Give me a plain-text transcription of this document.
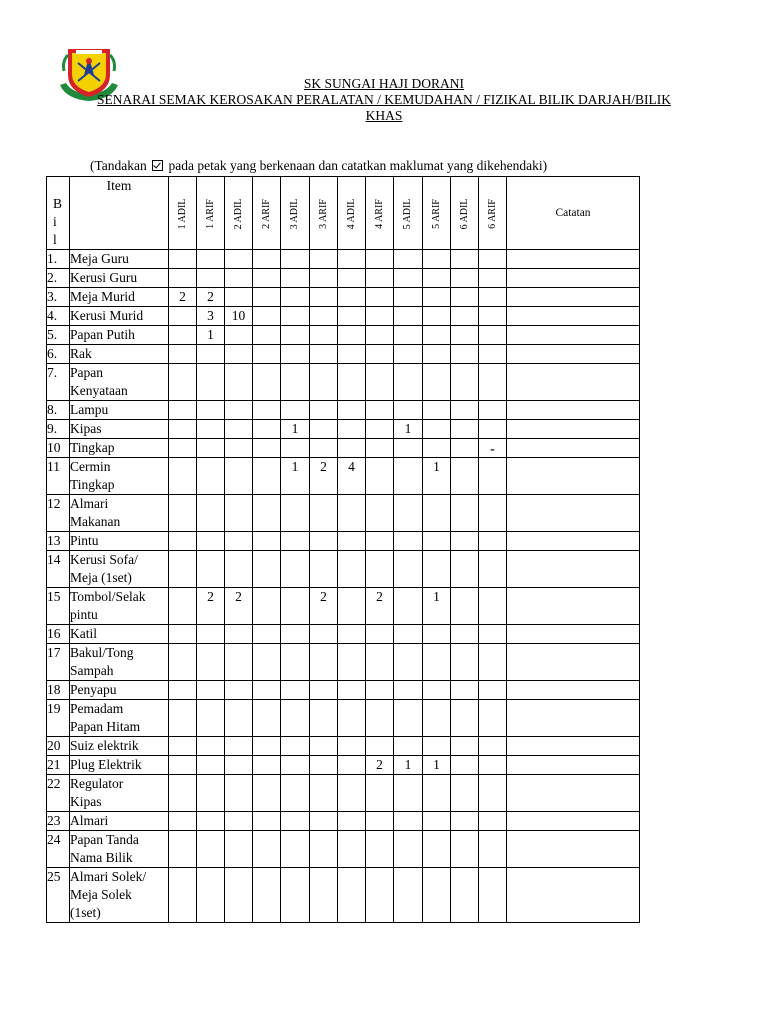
SK SUNGAI HAJI DORANI
SENARAI SEMAK KEROSAKAN PERALATAN / KEMUDAHAN / FIZIKAL BILIK DARJAH/BILIK
KHAS
(Tandakan pada petak yang berkenaan dan catatkan maklumat yang dikehendaki)
B
i
l	Item	1 ADIL	1 ARIF	2 ADIL	2 ARIF	3 ADIL	3 ARIF	4 ADIL	4 ARIF	5 ADIL	5 ARIF	6 ADIL	6 ARIF	Catatan
1.	Meja Guru													

2.	Kerusi Guru													

3.	Meja Murid	2	2											
4.	Kerusi Murid		3	10										
5.	Papan Putih		1											
6.	Rak													

7.	Papan
Kenyataan													

8.	Lampu													

9.	Kipas					1				1				
10	Tingkap												-	

11	Cermin
Tingkap					1	2	4			1			
12	Almari
Makanan													

13	Pintu													

14	Kerusi Sofa/
Meja (1set)													

15	Tombol/Selak
pintu		2	2			2		2		1			
16	Katil													

17	Bakul/Tong
Sampah													

18	Penyapu													

19	Pemadam
Papan Hitam													

20	Suiz elektrik													

21	Plug Elektrik								2	1	1			
22	Regulator
Kipas													

23	Almari													

24	Papan Tanda
Nama Bilik													

25	Almari Solek/
Meja Solek
(1set)													
